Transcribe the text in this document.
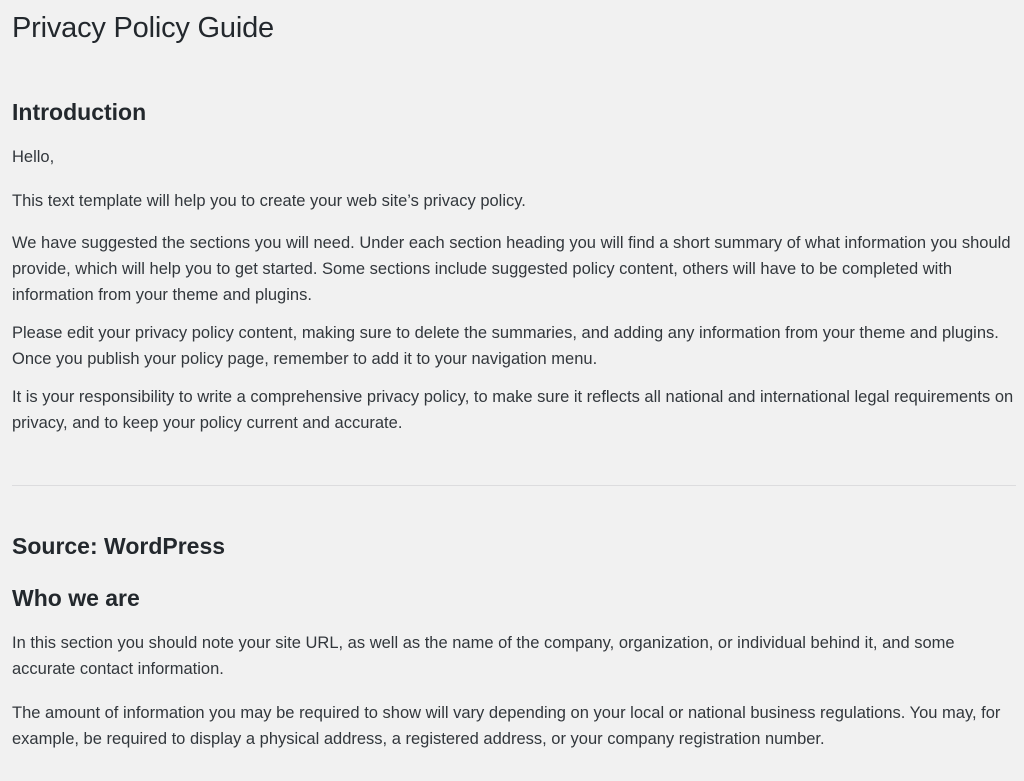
Privacy Policy Guide
Introduction

Hello,

This text template will help you to create your web site’s privacy policy.

We have suggested the sections you will need. Under each section heading you will find a short summary of what information you should provide, which will help you to get started. Some sections include suggested policy content, others will have to be completed with information from your theme and plugins.

Please edit your privacy policy content, making sure to delete the summaries, and adding any information from your theme and plugins. Once you publish your policy page, remember to add it to your navigation menu.

It is your responsibility to write a comprehensive privacy policy, to make sure it reflects all national and international legal requirements on privacy, and to keep your policy current and accurate.

Source: WordPress
Who we are

In this section you should note your site URL, as well as the name of the company, organization, or individual behind it, and some accurate contact information.

The amount of information you may be required to show will vary depending on your local or national business regulations. You may, for example, be required to display a physical address, a registered address, or your company registration number.
